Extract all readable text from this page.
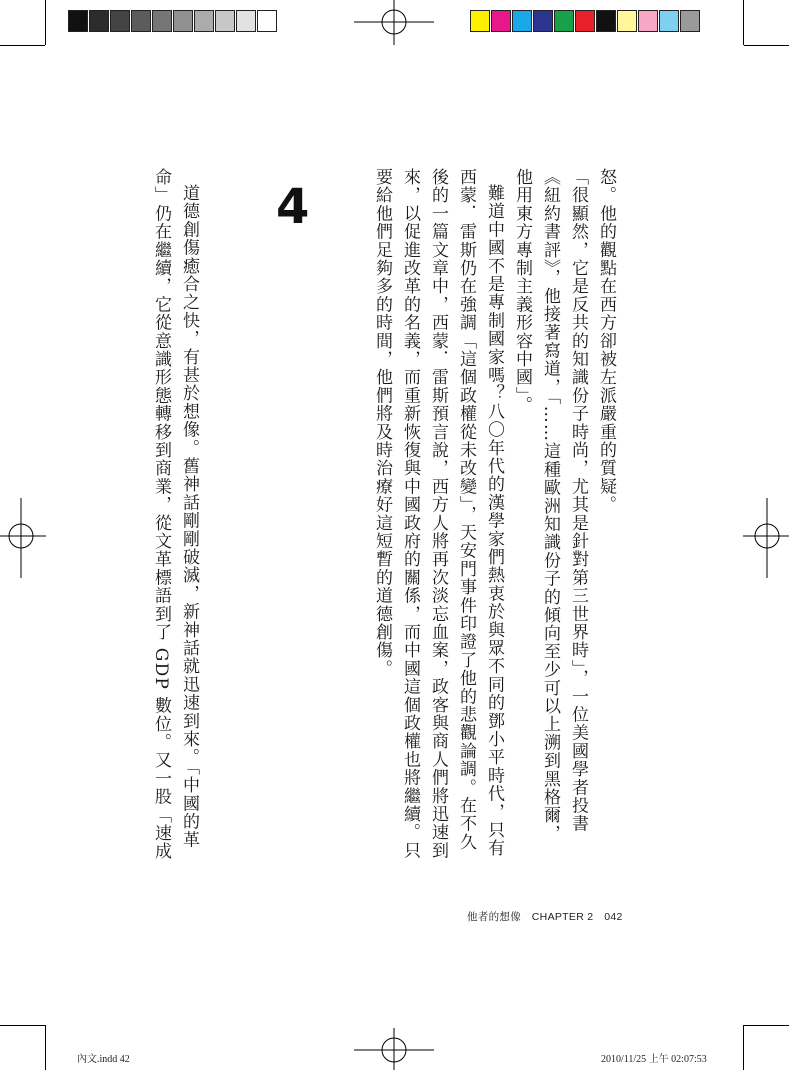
4	怒。他的觀點在西方卻被左派嚴重的質疑。
「很顯然，它是反共的知識份子時尚，尤其是針對第三世界時」，一位美國學者投書
《紐約書評》，他接著寫道，「……這種歐洲知識份子的傾向至少可以上溯到黑格爾，
他用東方專制主義形容中國」。
難道中國不是專制國家嗎？八〇年代的漢學家們熱衷於與眾不同的鄧小平時代，只有
西蒙．雷斯仍在強調「這個政權從未改變」，天安門事件印證了他的悲觀論調。在不久
後的一篇文章中，西蒙．雷斯預言說，西方人將再次淡忘血案，政客與商人們將迅速到
來，以促進改革的名義，而重新恢復與中國政府的關係，而中國這個政權也將繼續。只
要給他們足夠多的時間，他們將及時治療好這短暫的道德創傷。
道德創傷癒合之快，有甚於想像。舊神話剛剛破滅，新神話就迅速到來。「中國的革
命」仍在繼續，它從意識形態轉移到商業，從文革標語到了 GDP 數位。又一股「速成
他者的想像　CHAPTER 2　042
內文.indd 42	2010/11/25 上午 02:07:53
